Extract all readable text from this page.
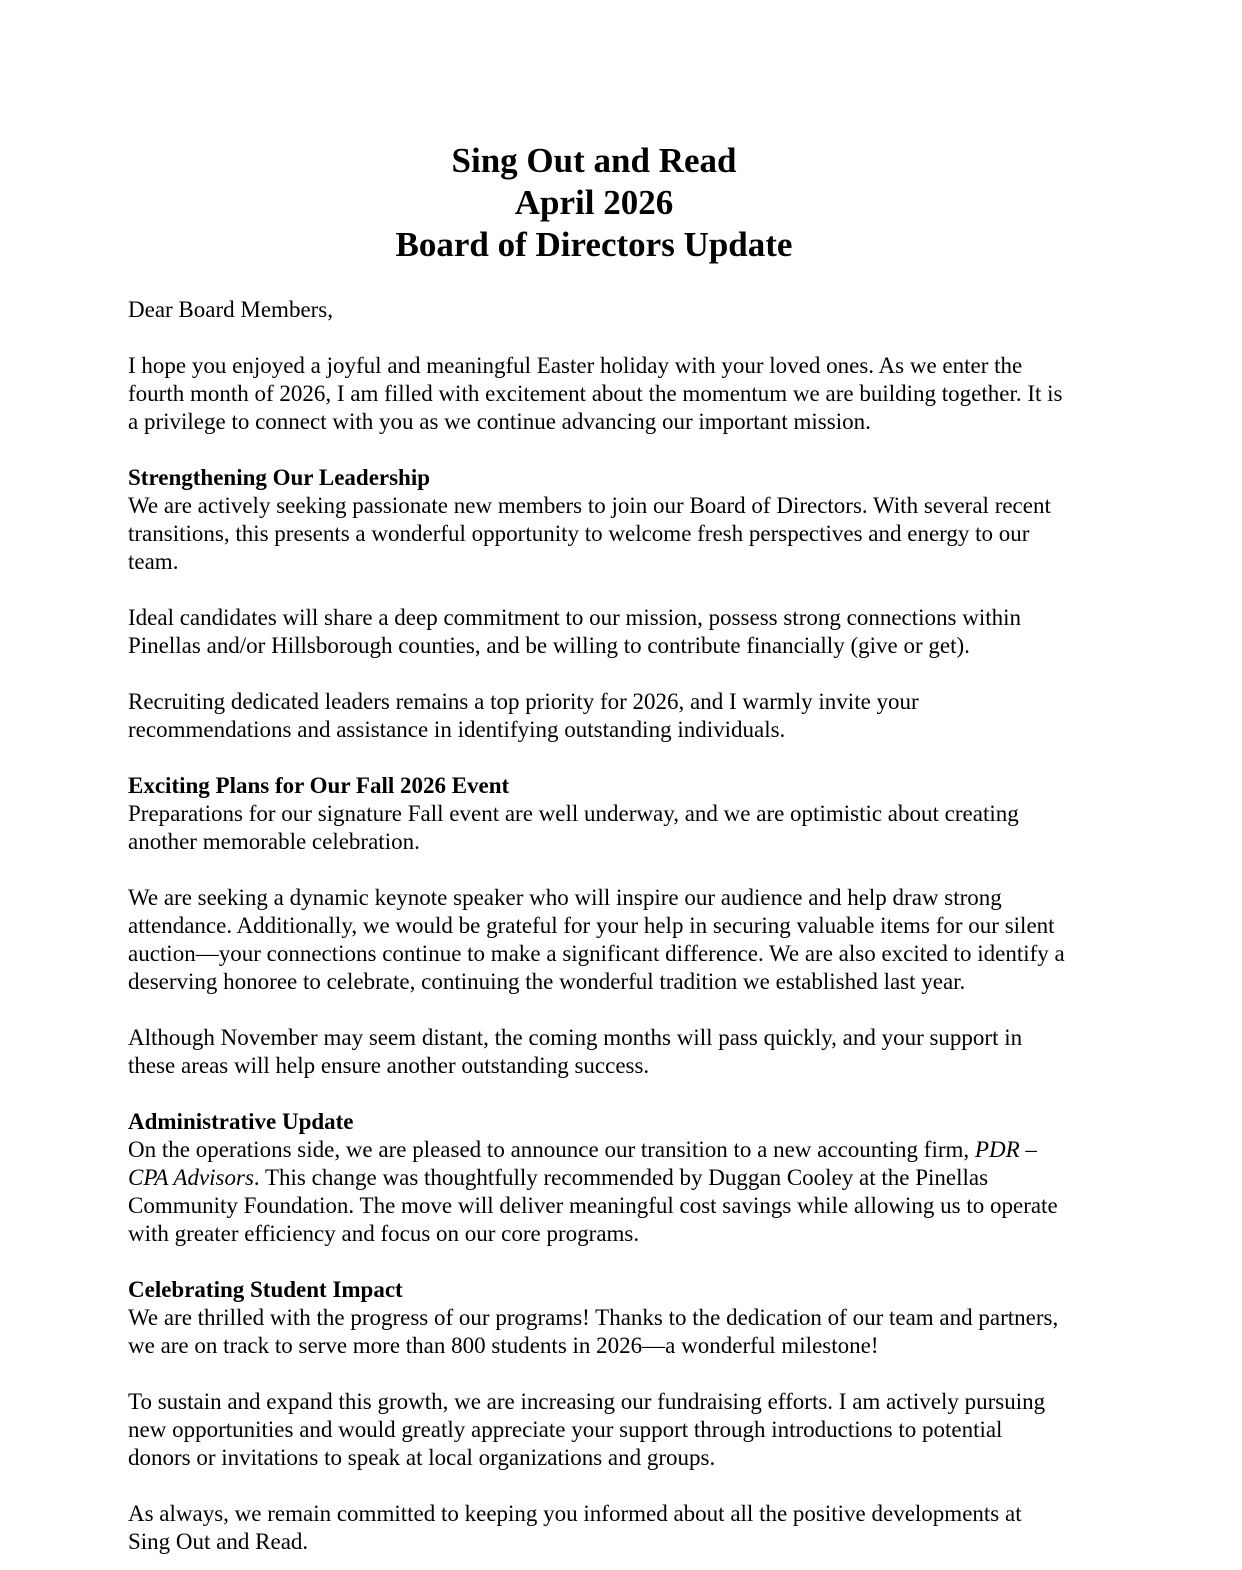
Sing Out and Read
April 2026
Board of Directors Update
Dear Board Members,
I hope you enjoyed a joyful and meaningful Easter holiday with your loved ones. As we enter the fourth month of 2026, I am filled with excitement about the momentum we are building together. It is a privilege to connect with you as we continue advancing our important mission.
Strengthening Our Leadership
We are actively seeking passionate new members to join our Board of Directors. With several recent transitions, this presents a wonderful opportunity to welcome fresh perspectives and energy to our team.
Ideal candidates will share a deep commitment to our mission, possess strong connections within Pinellas and/or Hillsborough counties, and be willing to contribute financially (give or get).
Recruiting dedicated leaders remains a top priority for 2026, and I warmly invite your recommendations and assistance in identifying outstanding individuals.
Exciting Plans for Our Fall 2026 Event
Preparations for our signature Fall event are well underway, and we are optimistic about creating another memorable celebration.
We are seeking a dynamic keynote speaker who will inspire our audience and help draw strong attendance. Additionally, we would be grateful for your help in securing valuable items for our silent auction—your connections continue to make a significant difference. We are also excited to identify a deserving honoree to celebrate, continuing the wonderful tradition we established last year.
Although November may seem distant, the coming months will pass quickly, and your support in these areas will help ensure another outstanding success.
Administrative Update
On the operations side, we are pleased to announce our transition to a new accounting firm, PDR – CPA Advisors. This change was thoughtfully recommended by Duggan Cooley at the Pinellas Community Foundation. The move will deliver meaningful cost savings while allowing us to operate with greater efficiency and focus on our core programs.
Celebrating Student Impact
We are thrilled with the progress of our programs! Thanks to the dedication of our team and partners, we are on track to serve more than 800 students in 2026—a wonderful milestone!
To sustain and expand this growth, we are increasing our fundraising efforts. I am actively pursuing new opportunities and would greatly appreciate your support through introductions to potential donors or invitations to speak at local organizations and groups.
As always, we remain committed to keeping you informed about all the positive developments at Sing Out and Read.
